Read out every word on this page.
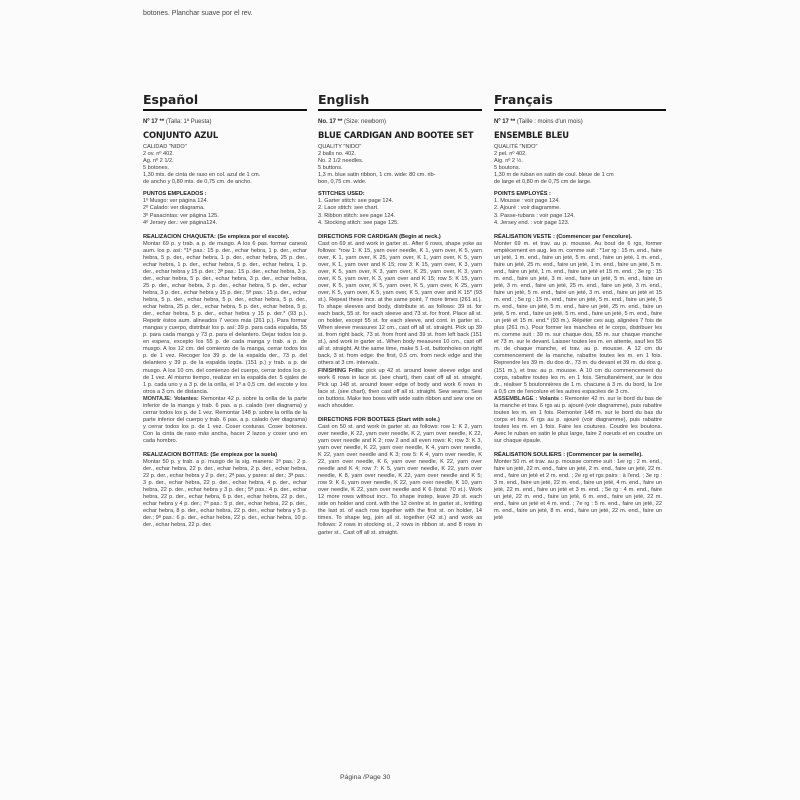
botones. Planchar suave por el rev.
Español
Nº 17 ** (Talla: 1ª Puesta)
CONJUNTO AZUL
CALIDAD "NIDO"
2 ov. nº 402.
Ag. nº 2 1/2.
5 botones.
1,30 mts. de cinta de raso en col. azul de 1 cm.
de ancho y 0,80 mts. de 0,75 cm. de ancho.
PUNTOS EMPLEADOS :
1º Musgo: ver página 124.
2º Calado: ver diagrama.
3º Pasacintas: ver página 125.
4º Jersey der.: ver página124.
REALIZACION CHAQUETA: (Se empieza por el escote).

Montar 69 p. y trab. a p. de musgo. A los 6 pas. formar canesú aum. los p. así: *1ª pas.: 15 p. der., echar hebra, 1 p. der., echar hebra, 5 p. der., echar hebra, 1 p. der., echar hebra, 25 p. der., echar hebra, 1 p. der., echar hebra, 5 p. der., echar hebra, 1 p. der., echar hebra y 15 p. der.; 3ª pas.: 15 p. der., echar hebra, 3 p. der., echar hebra, 5 p. der., echar hebra, 3 p. der., echar hebra, 25 p. der., echar hebra, 3 p. der., echar hebra, 5 p. der., echar hebra, 3 p. der., echar hebra y 15 p. der.; 5ª pas.: 15 p. der., echar hebra, 5 p. der., echar hebra, 5 p. der., echar hebra, 5 p. der., echar hebra, 25 p. der., echar hebra, 5 p. der., echar hebra, 5 p. der., echar hebra, 5 p. der., echar hebra y 15 p. der.* (93 p.). Repetir éstos aum. alineados 7 veces más (261 p.). Para formar mangas y cuerpo, distribuir los p. así: 39 p. para cada espalda, 55 p. para cada manga y 73 p. para el delantero. Dejar todos los p. en espera, excepto los 55 p. de cada manga y trab. a p. de musgo. A los 12 cm. del comienzo de la manga, cerrar todos los p. de 1 vez. Recoger los 39 p. de la espalda der., 73 p. del delantero y 39 p. de la espalda izqda. (151 p.) y trab. a p. de musgo. A los 10 cm. del comienzo del cuerpo, cerrar todos los p. de 1 vez. Al mismo tiempo, realizar en la espalda der. 5 ojales de 1 p. cada uno y a 3 p. de la orilla, el 1º a 0,5 cm. del escote y los otros a 3 cm. de distancia.

MONTAJE: Volantes: Remontar 42 p. sobre la orilla de la parte inferior de la manga y trab. 6 pas. a p. calado (ver diagrama) y cerrar todos los p. de 1 vez. Remontar 148 p. sobre la orilla de la parte inferior del cuerpo y trab. 6 pas. a p. calado (ver diagrama) y cerrar todos los p. de 1 vez. Coser costuras. Coser botones. Con la cinta de raso más ancha, hacer 2 lazos y coser uno en cada hombro.

REALIZACION BOTITAS: (Se empieza por la suela)

Montar 50 p. y trab. a p. musgo de la sig. manera: 1ª pas.: 2 p. der., echar hebra, 22 p. der., echar hebra, 2 p. der., echar hebra, 22 p. der., echar hebra y 2 p. der.; 2ª pas. y pares: al der.; 3ª pas.: 3 p. der., echar hebra, 22 p. der., echar hebra, 4 p. der., echar hebra, 22 p. der., echar hebra y 3 p. der.; 5ª pas.: 4 p. der., echar hebra, 22 p. der., echar hebra, 6 p. der., echar hebra, 22 p. der., echar hebra y 4 p. der.; 7ª pas.: 5 p. der., echar hebra, 22 p. der., echar hebra, 8 p. der., echar hebra, 22 p. der., echar hebra y 5 p. der.; 9ª pas.: 6 p. der., echar hebra, 22 p. der., echar hebra, 10 p. der., echar hebra, 22 p. der.

English
No. 17 ** (Size: newborn)
BLUE CARDIGAN AND BOOTEE SET
QUALITY "NIDO"
2 balls no. 402.
No. 2 1/2 needles.
5 buttons.
1,3 m. blue satin ribbon, 1 cm. wide: 80 cm. rib-
bon, 0,75 cm. wide.
STITCHES USED:
1. Garter stitch: see page 124.
2. Lace stitch: see chart.
3. Ribbon stitch: see page 124.
4. Stocking stitch: see page 125.
DIRECTIONS FOR CARDIGAN (Begin at neck.)

Cast on 69 st. and work in garter st.. After 6 rows, shape yoke as follows: *row 1: K 15, yarn over needle, K 1, yarn over, K 5, yarn over, K 1, yarn over, K 25, yarn over, K 1, yarn over, K 5, yarn over, K 1, yarn over and K 15; row 3: K 15, yarn over, K 3, yarn over, K 5, yarn over, K 3, yarn over, K 25, yarn over, K 3, yarn over, K 5, yarn over, K 3, yarn over and K 15; row 5: K 15, yarn over, K 5, yarn over, K 5, yarn over, K 5, yarn over, K 25, yarn over, K 5, yarn over, K 5, yarn over, K 5, yarn over and K 15* (93 st.). Repeat these incs. at the same point, 7 more times (261 st.). To shape sleeves and body, distribute st. as follows: 39 st. for each back, 55 st. for each sleeve and 73 st. for front. Place all st. on holder, except 55 st. for each sleeve, and cont. in garter st.. When sleeve measures 12 cm., cast off all st. straight. Pick up 39 st. from right back, 73 st. from front and 39 st. from left back (151 st.), and work in garter st.. When body measures 10 cm., cast off all st. straight. At the same time, make 5 1-st. buttonholes on right back, 3 st. from edge: the first, 0.5 cm. from neck edge and the others at 3 cm. intervals.

FINISHING Frills: pick up 42 st. around lower sleeve edge and work 6 rows in lace st. (see chart), then cast off all st. straight. Pick up 148 st. around lower edge of body and work 6 rows in lace st. (see chart), then cast off all st. straight. Sew seams. Sew on buttons. Make two bows with wide satin ribbon and sew one on each shoulder.

DIRECTIONS FOR BOOTEES (Start with sole.)

Cast on 50 st. and work in garter st. as follows: row 1: K 2, yarn over needle, K 22, yarn over needle, K 2, yarn over needle, K 22, yarn over needle and K 2; row 2 and all even rows: K; row 3: K 3, yarn over needle, K 22, yarn over needle, K 4, yarn over needle, K 22, yarn over needle and K 3; row 5: K 4, yarn over needle, K 22, yarn over needle, K 6, yarn over needle, K 22, yarn over needle and K 4; row 7: K 5, yarn over needle, K 22, yarn over needle, K 8, yarn over needle, K 22, yarn over needle and K 5; row 9: K 6, yarn over needle, K 22, yarn over needle, K 10, yarn over needle, K 22, yarn over needle and K 6 (total: 70 st.). Work 12 more rows without incr.. To shape instep, leave 29 st. each side on holder and cont. with the 12 centre st. in garter st., knitting the last st. of each row together with the first st. on holder, 14 times. To shape leg, join all st. together (42 st.) and work as follows: 2 rows in stocking st., 2 rows in ribbon st. and 8 rows in garter st.. Cast off all st. straight.

Français
Nº 17 ** (Taille : moins d'un mois)
ENSEMBLE BLEU
QUALITÉ "NIDO"
2 pel. nº 402.
Aig. nº 2 ½.
5 boutons.
1,30 m de ruban en satin de coul. bleue de 1 cm
de large et 0,80 m de 0,75 cm de large.
POINTS EMPLOYÉS :
1. Mousse : voir page 124.
2. Ajouré : voir diagramme.
3. Passe-rubans : voir page 124.
4. Jersey end. : voir page 123.
RÉALISATION VESTE : (Commencer par l'encolure).

Monter 69 m. et trav. au p. mousse. Au bout de 6 rgs, former empiècement en aug. les m. comme suit : *1er rg : 15 m. end., faire un jeté, 1 m. end., faire un jeté, 5 m. end., faire un jeté, 1 m. end., faire un jeté, 25 m. end., faire un jeté, 1 m. end., faire un jeté, 5 m. end., faire un jeté, 1 m. end., faire un jeté et 15 m. end. ; 3e rg : 15 m. end., faire un jeté, 3 m. end., faire un jeté, 5 m. end., faire un jeté, 3 m. end., faire un jeté, 25 m. end., faire un jeté, 3 m. end., faire un jeté, 5 m. end., faire un jeté, 3 m. end., faire un jeté et 15 m. end. ; 5e rg : 15 m. end., faire un jeté, 5 m. end., faire un jeté, 5 m. end., faire un jeté, 5 m. end., faire un jeté, 25 m. end., faire un jeté, 5 m. end., faire un jeté, 5 m. end., faire un jeté, 5 m. end., faire un jeté et 15 m. end.* (93 m.). Répéter ces aug. alignées 7 fois de plus (261 m.). Pour former les manches et le corps, distribuer les m. comme suit : 39 m. sur chaque dos, 55 m. sur chaque manche et 73 m. sur le devant. Laisser toutes les m. en attente, sauf les 55 m. de chaque manche, et trav. au p. mousse. A 12 cm du commencement de la manche, rabattre toutes les m. en 1 fois. Reprendre les 39 m. du dos dr., 73 m. du devant et 39 m. du dos g. (151 m.), et trav. au p. mousse. A 10 cm du commencement du corps, rabattre toutes les m. en 1 fois. Simultanément, sur le dos dr., réaliser 5 boutonnières de 1 m. chacune à 3 m. du bord, la 1re à 0,5 cm de l'encolure et les autres espacées de 3 cm.

ASSEMBLAGE : Volants : Remonter 42 m. sur le bord du bas de la manche et trav. 6 rgs au p. ajouré (voir diagramme), puis rabattre toutes les m. en 1 fois. Remonter 148 m. sur le bord du bas du corps et trav. 6 rgs au p. ajouré (voir diagramme), puis rabattre toutes les m. en 1 fois. Faire les coutures. Coudre les boutons. Avec le ruban en satin le plus large, faire 2 nœuds et en coudre un sur chaque épaule.

RÉALISATION SOULIERS : (Commencer par la semelle).

Monter 50 m. et trav. au p. mousse comme suit : 1er rg : 2 m. end., faire un jeté, 22 m. end., faire un jeté, 2 m. end., faire un jeté, 22 m. end., faire un jeté et 2 m. end. ; 2e rg et rgs pairs : à l'end. ; 3e rg : 3 m. end., faire un jeté, 22 m. end., faire un jeté, 4 m. end., faire un jeté, 22 m. end., faire un jeté et 3 m. end. ; 5e rg : 4 m. end., faire un jeté, 22 m. end., faire un jeté, 6 m. end., faire un jeté, 22 m. end., faire un jeté et 4 m. end. ; 7e rg : 5 m. end., faire un jeté, 22 m. end., faire un jeté, 8 m. end., faire un jeté, 22 m. end., faire un jeté

Página /Page 30
